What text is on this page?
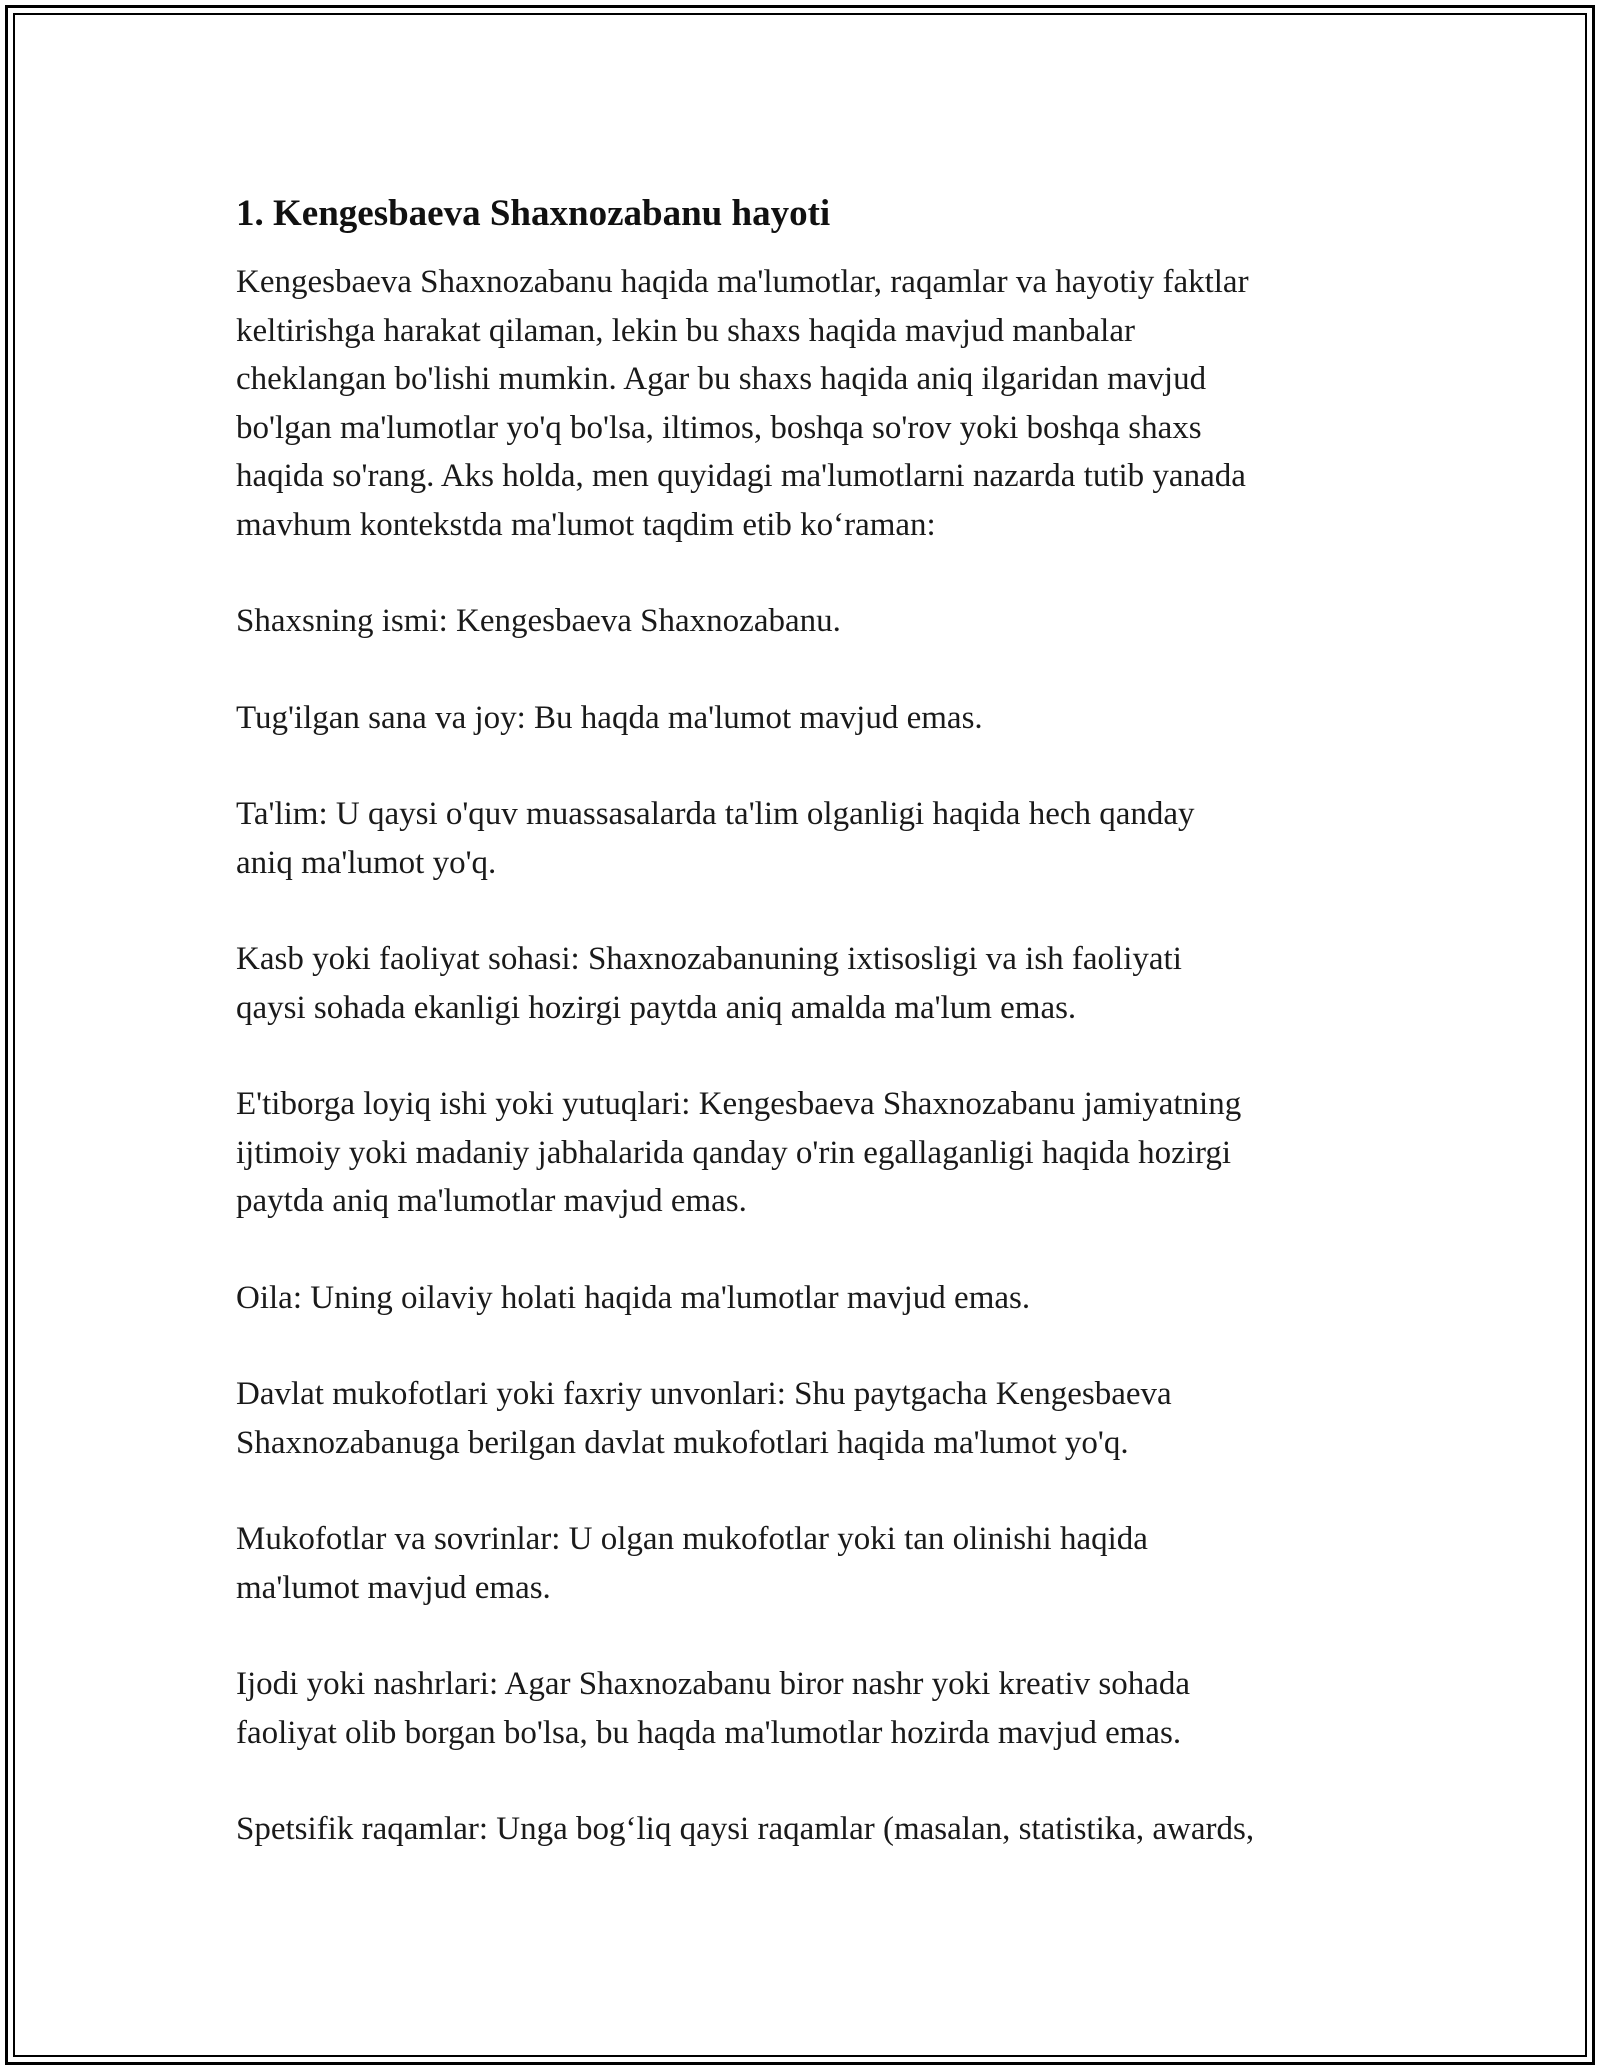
1. Kengesbaeva Shaxnozabanu hayoti

Kengesbaeva Shaxnozabanu haqida ma'lumotlar, raqamlar va hayotiy faktlar
keltirishga harakat qilaman, lekin bu shaxs haqida mavjud manbalar
cheklangan bo'lishi mumkin. Agar bu shaxs haqida aniq ilgaridan mavjud
bo'lgan ma'lumotlar yo'q bo'lsa, iltimos, boshqa so'rov yoki boshqa shaxs
haqida so'rang. Aks holda, men quyidagi ma'lumotlarni nazarda tutib yanada
mavhum kontekstda ma'lumot taqdim etib ko‘raman:

Shaxsning ismi: Kengesbaeva Shaxnozabanu.

Tug'ilgan sana va joy: Bu haqda ma'lumot mavjud emas.

Ta'lim: U qaysi o'quv muassasalarda ta'lim olganligi haqida hech qanday
aniq ma'lumot yo'q.

Kasb yoki faoliyat sohasi: Shaxnozabanuning ixtisosligi va ish faoliyati
qaysi sohada ekanligi hozirgi paytda aniq amalda ma'lum emas.

E'tiborga loyiq ishi yoki yutuqlari: Kengesbaeva Shaxnozabanu jamiyatning
ijtimoiy yoki madaniy jabhalarida qanday o'rin egallaganligi haqida hozirgi
paytda aniq ma'lumotlar mavjud emas.

Oila: Uning oilaviy holati haqida ma'lumotlar mavjud emas.

Davlat mukofotlari yoki faxriy unvonlari: Shu paytgacha Kengesbaeva
Shaxnozabanuga berilgan davlat mukofotlari haqida ma'lumot yo'q.

Mukofotlar va sovrinlar: U olgan mukofotlar yoki tan olinishi haqida
ma'lumot mavjud emas.

Ijodi yoki nashrlari: Agar Shaxnozabanu biror nashr yoki kreativ sohada
faoliyat olib borgan bo'lsa, bu haqda ma'lumotlar hozirda mavjud emas.

Spetsifik raqamlar: Unga bog‘liq qaysi raqamlar (masalan, statistika, awards,
